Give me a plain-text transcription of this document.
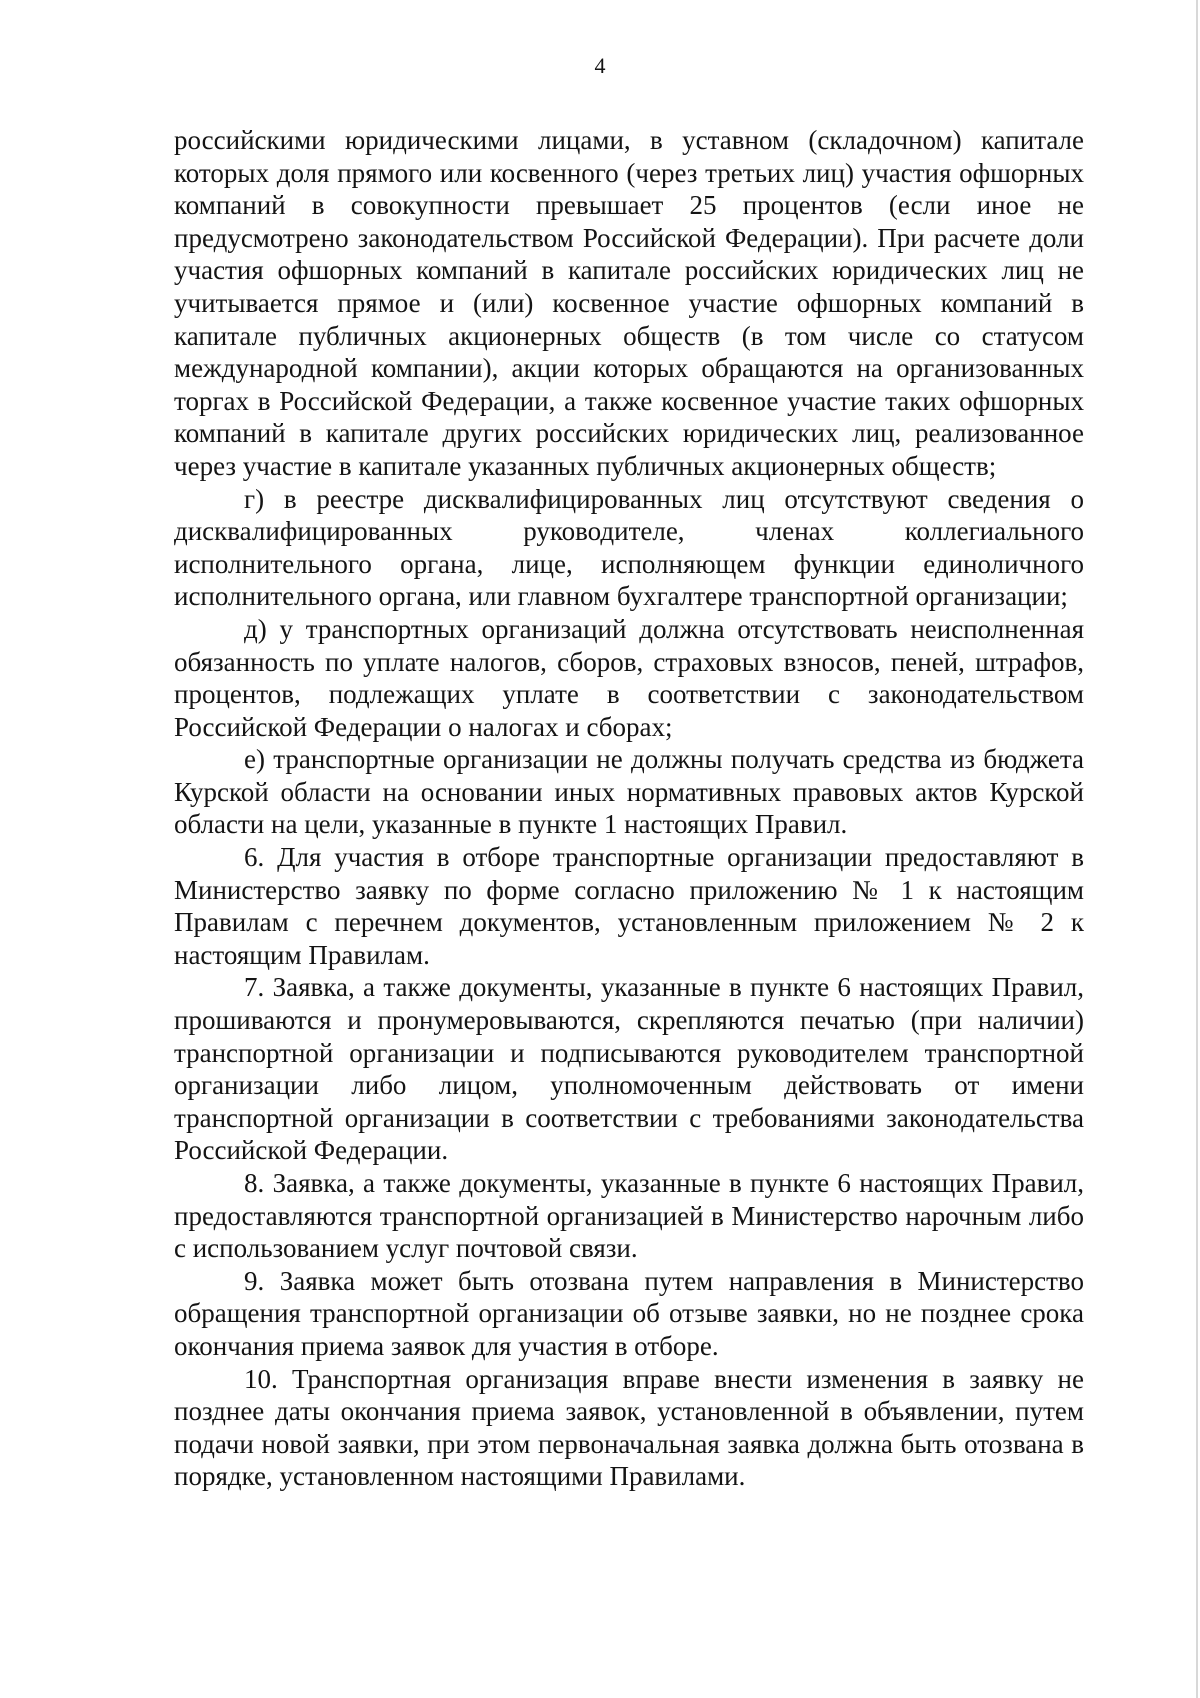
4

российскими юридическими лицами, в уставном (складочном) капитале которых доля прямого или косвенного (через третьих лиц) участия офшорных компаний в совокупности превышает 25 процентов (если иное не предусмотрено законодательством Российской Федерации). При расчете доли участия офшорных компаний в капитале российских юридических лиц не учитывается прямое и (или) косвенное участие офшорных компаний в капитале публичных акционерных обществ (в том числе со статусом международной компании), акции которых обращаются на организованных торгах в Российской Федерации, а также косвенное участие таких офшорных компаний в капитале других российских юридических лиц, реализованное через участие в капитале указанных публичных акционерных обществ;

г) в реестре дисквалифицированных лиц отсутствуют сведения о дисквалифицированных руководителе, членах коллегиального исполнительного органа, лице, исполняющем функции единоличного исполнительного органа, или главном бухгалтере транспортной организации;

д) у транспортных организаций должна отсутствовать неисполненная обязанность по уплате налогов, сборов, страховых взносов, пеней, штрафов, процентов, подлежащих уплате в соответствии с законодательством Российской Федерации о налогах и сборах;

е) транспортные организации не должны получать средства из бюджета Курской области на основании иных нормативных правовых актов Курской области на цели, указанные в пункте 1 настоящих Правил.

6. Для участия в отборе транспортные организации предоставляют в Министерство заявку по форме согласно приложению № 1 к настоящим Правилам с перечнем документов, установленным приложением № 2 к настоящим Правилам.

7. Заявка, а также документы, указанные в пункте 6 настоящих Правил, прошиваются и пронумеровываются, скрепляются печатью (при наличии) транспортной организации и подписываются руководителем транспортной организации либо лицом, уполномоченным действовать от имени транспортной организации в соответствии с требованиями законодательства Российской Федерации.

8. Заявка, а также документы, указанные в пункте 6 настоящих Правил, предоставляются транспортной организацией в Министерство нарочным либо с использованием услуг почтовой связи.

9. Заявка может быть отозвана путем направления в Министерство обращения транспортной организации об отзыве заявки, но не позднее срока окончания приема заявок для участия в отборе.

10. Транспортная организация вправе внести изменения в заявку не позднее даты окончания приема заявок, установленной в объявлении, путем подачи новой заявки, при этом первоначальная заявка должна быть отозвана в порядке, установленном настоящими Правилами.
